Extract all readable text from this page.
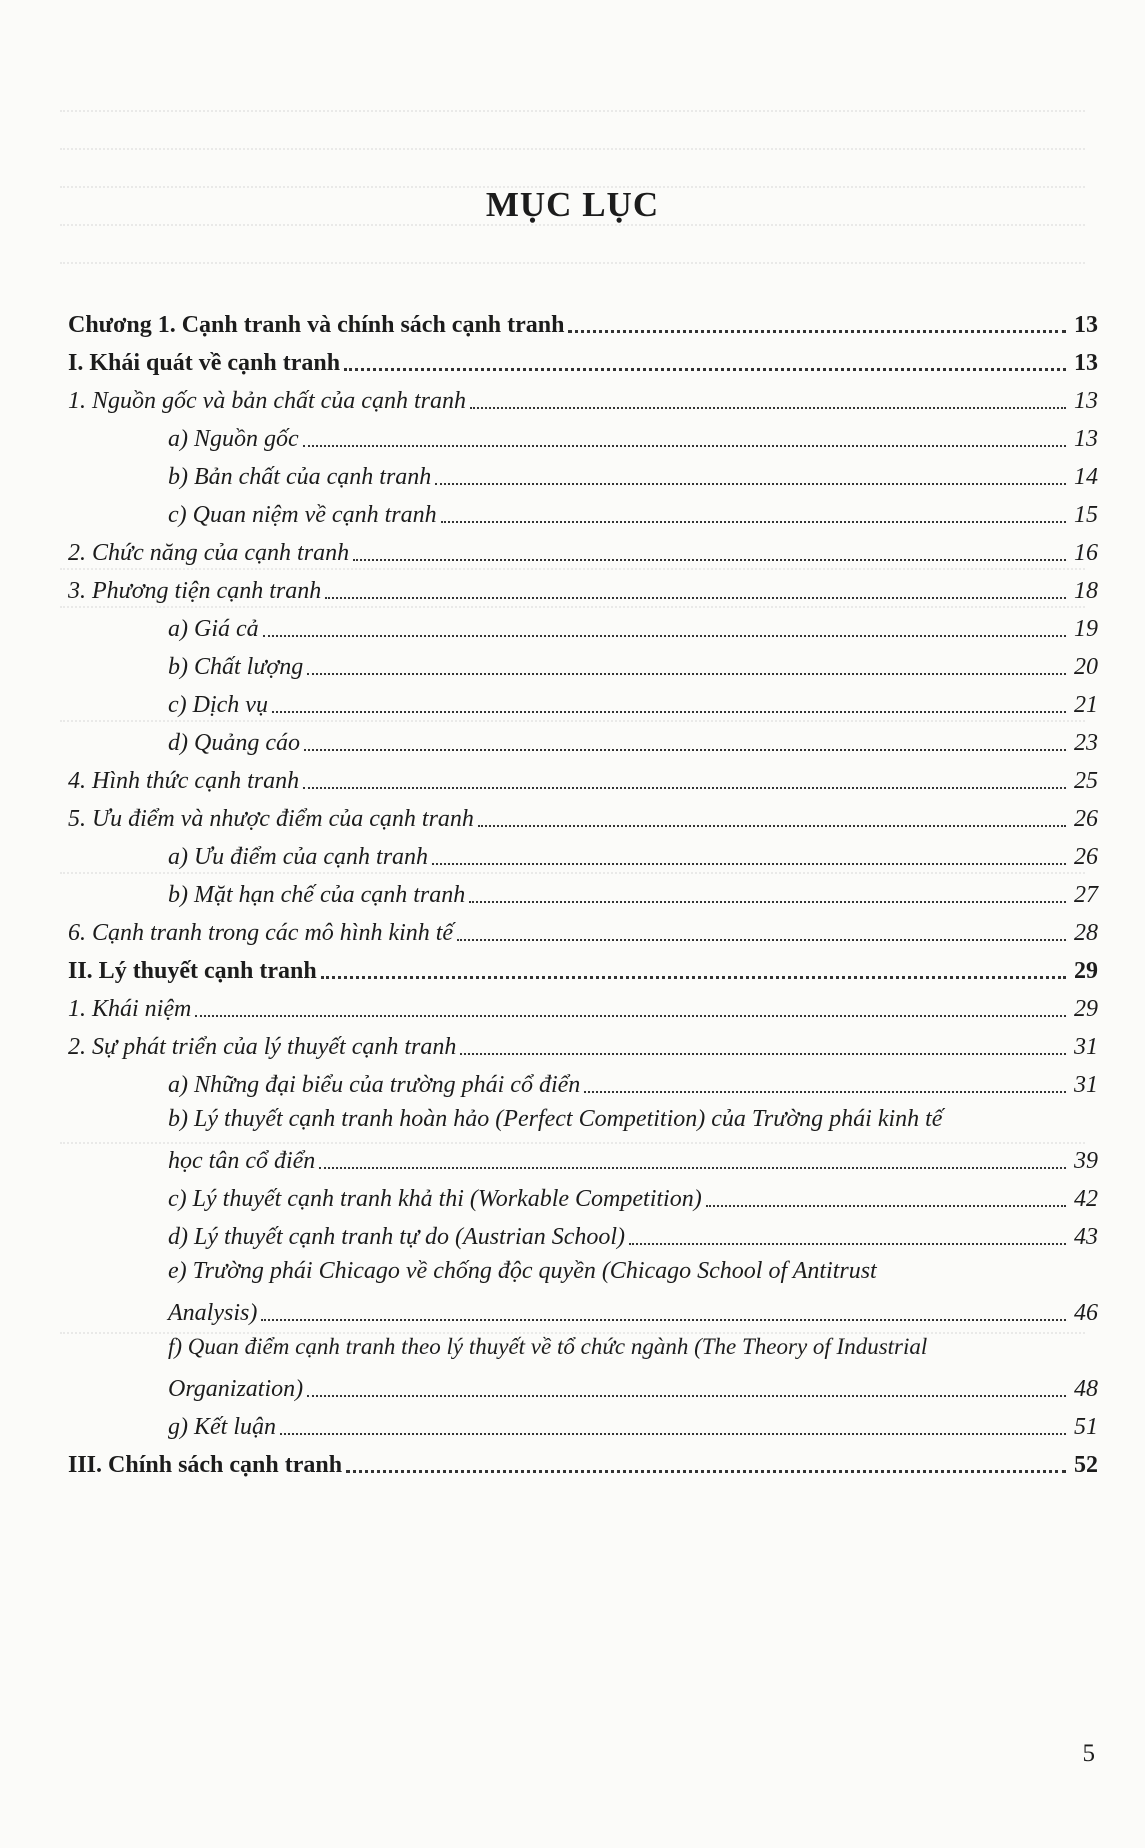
MỤC LỤC
Chương 1. Cạnh tranh và chính sách cạnh tranh	13
I. Khái quát về cạnh tranh	13
1. Nguồn gốc và bản chất của cạnh tranh	13
a) Nguồn gốc	13
b) Bản chất của cạnh tranh	14
c) Quan niệm về cạnh tranh	15
2. Chức năng của cạnh tranh	16
3. Phương tiện cạnh tranh	18
a) Giá cả	19
b) Chất lượng	20
c) Dịch vụ	21
d) Quảng cáo	23
4. Hình thức cạnh tranh	25
5. Ưu điểm và nhược điểm của cạnh tranh	26
a) Ưu điểm của cạnh tranh	26
b) Mặt hạn chế của cạnh tranh	27
6. Cạnh tranh trong các mô hình kinh tế	28
II. Lý thuyết cạnh tranh	29
1. Khái niệm	29
2. Sự phát triển của lý thuyết cạnh tranh	31
a) Những đại biểu của trường phái cổ điển	31
b) Lý thuyết cạnh tranh hoàn hảo (Perfect Competition) của Trường phái kinh tế
học tân cổ điển	39
c) Lý thuyết cạnh tranh khả thi (Workable Competition)	42
d) Lý thuyết cạnh tranh tự do (Austrian School)	43
e) Trường phái Chicago về chống độc quyền (Chicago School of Antitrust
Analysis)	46
f) Quan điểm cạnh tranh theo lý thuyết về tổ chức ngành (The Theory of Industrial
Organization)	48
g) Kết luận	51
III. Chính sách cạnh tranh	52
5
